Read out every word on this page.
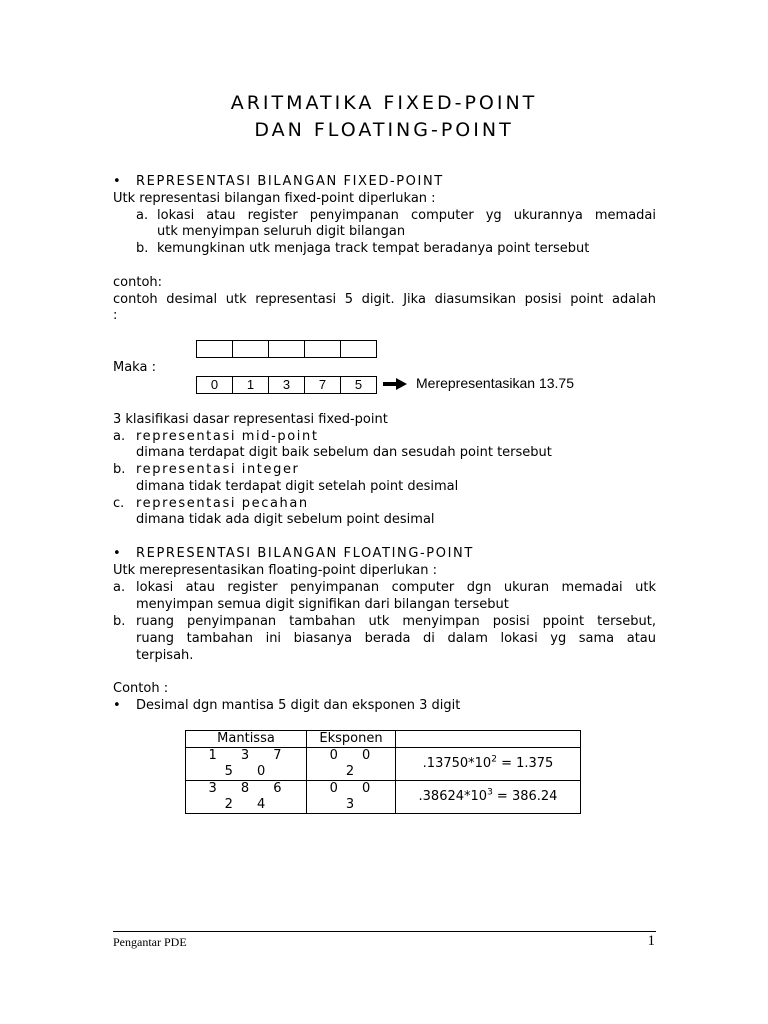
ARITMATIKA FIXED-POINT
DAN FLOATING-POINT
• REPRESENTASI BILANGAN FIXED-POINT
Utk representasi bilangan fixed-point diperlukan :
a. lokasi atau register penyimpanan computer yg ukurannya memadai
utk menyimpan seluruh digit bilangan
b. kemungkinan utk menjaga track tempat beradanya point tersebut
contoh:
contoh desimal utk representasi 5 digit. Jika diasumsikan posisi point adalah
:
Maka :
0	1	3	7	5	Merepresentasikan 13.75
3 klasifikasi dasar representasi fixed-point
a. representasi mid-point
dimana terdapat digit baik sebelum dan sesudah point tersebut
b. representasi integer
dimana tidak terdapat digit setelah point desimal
c. representasi pecahan
dimana tidak ada digit sebelum point desimal
• REPRESENTASI BILANGAN FLOATING-POINT
Utk merepresentasikan floating-point diperlukan :
a. lokasi atau register penyimpanan computer dgn ukuran memadai utk
menyimpan semua digit signifikan dari bilangan tersebut
b. ruang penyimpanan tambahan utk menyimpan posisi ppoint tersebut,
ruang tambahan ini biasanya berada di dalam lokasi yg sama atau
terpisah.
Contoh :
• Desimal dgn mantisa 5 digit dan eksponen 3 digit
Mantissa	Eksponen	
1 3 7 5 0	0 0 2	$.13750*10^2 = 1.375$
3 8 6 2 4	0 0 3	$.38624*10^3 = 386.24$
Pengantar PDE	1
